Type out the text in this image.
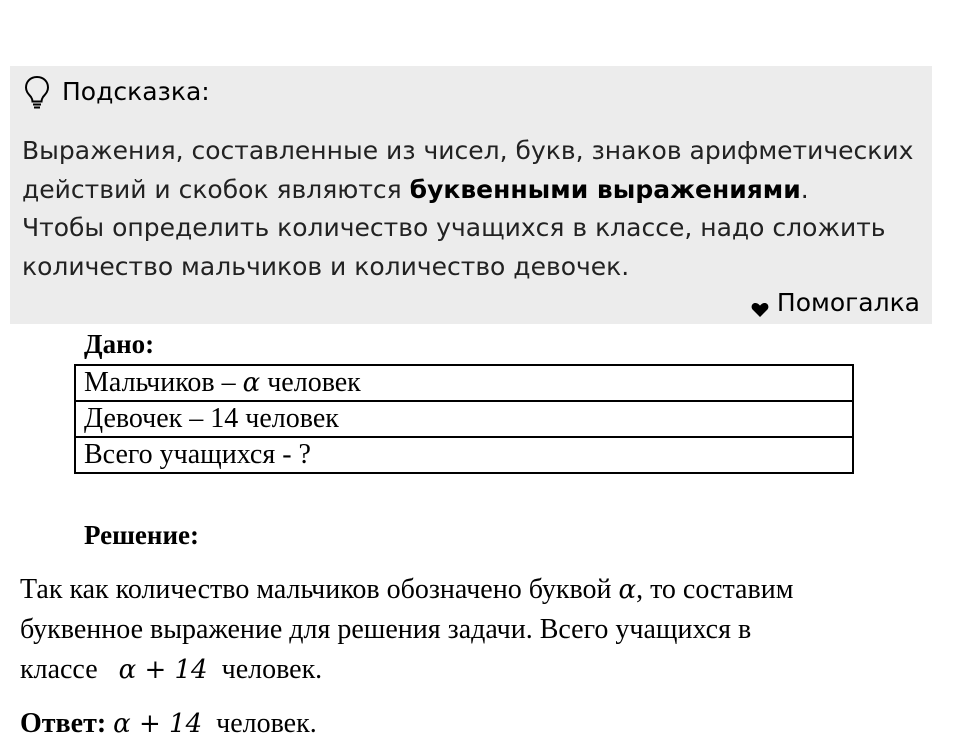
Подсказка:

Выражения, составленные из чисел, букв, знаков арифметических

действий и скобок являются буквенными выражениями.

Чтобы определить количество учащихся в классе, надо сложить

количество мальчиков и количество девочек.

Помогалка
Дано:
Мальчиков – α человек
Девочек – 14 человек
Всего учащихся - ?
Решение:

Так как количество мальчиков обозначено буквой α, то составим

буквенное выражение для решения задачи. Всего учащихся в

классе   α + 14  человек.

Ответ: α + 14  человек.
